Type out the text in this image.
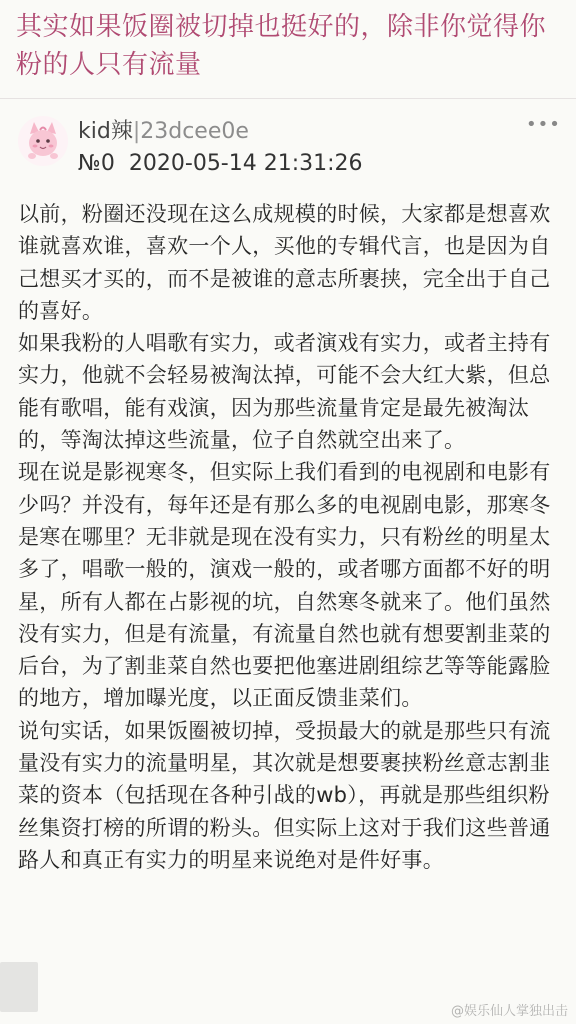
其实如果饭圈被切掉也挺好的，除非你觉得你粉的人只有流量
kid辣|23dcee0e
№0 2020-05-14 21:31:26
•••

以前，粉圈还没现在这么成规模的时候，大家都是想喜欢谁就喜欢谁，喜欢一个人，买他的专辑代言，也是因为自己想买才买的，而不是被谁的意志所裹挟，完全出于自己的喜好。

如果我粉的人唱歌有实力，或者演戏有实力，或者主持有实力，他就不会轻易被淘汰掉，可能不会大红大紫，但总能有歌唱，能有戏演，因为那些流量肯定是最先被淘汰的，等淘汰掉这些流量，位子自然就空出来了。

现在说是影视寒冬，但实际上我们看到的电视剧和电影有少吗？并没有，每年还是有那么多的电视剧电影，那寒冬是寒在哪里？无非就是现在没有实力，只有粉丝的明星太多了，唱歌一般的，演戏一般的，或者哪方面都不好的明星，所有人都在占影视的坑，自然寒冬就来了。他们虽然没有实力，但是有流量，有流量自然也就有想要割韭菜的后台，为了割韭菜自然也要把他塞进剧组综艺等等能露脸的地方，增加曝光度，以正面反馈韭菜们。

说句实话，如果饭圈被切掉，受损最大的就是那些只有流量没有实力的流量明星，其次就是想要裹挟粉丝意志割韭菜的资本（包括现在各种引战的wb），再就是那些组织粉丝集资打榜的所谓的粉头。但实际上这对于我们这些普通路人和真正有实力的明星来说绝对是件好事。

@娱乐仙人掌独出击
